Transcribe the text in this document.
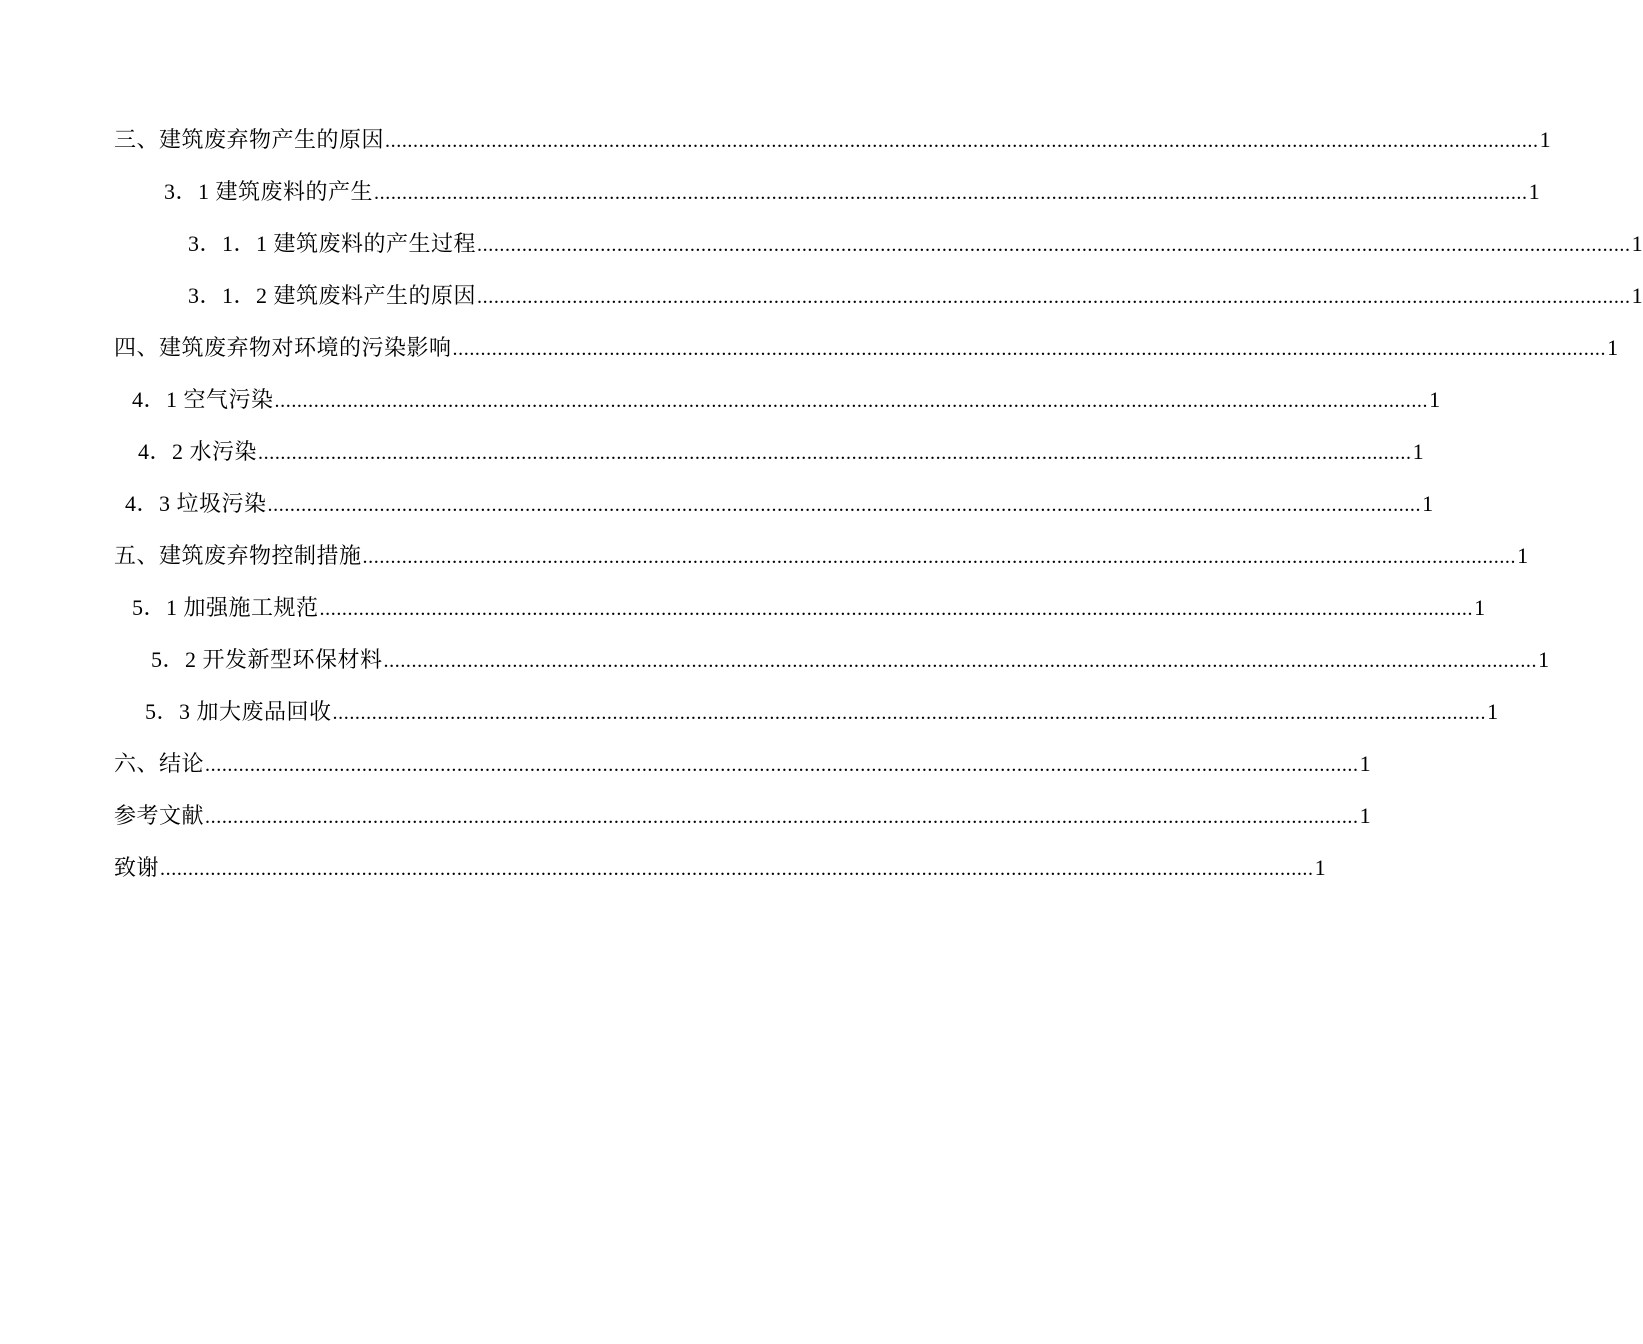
三、建筑废弃物产生的原因 .............................................................................................................................................................................................................. 1
3．1 建筑废料的产生 .............................................................................................................................................................................................................. 1
3．1．1 建筑废料的产生过程 .............................................................................................................................................................................................................. 1
3．1．2 建筑废料产生的原因 .............................................................................................................................................................................................................. 1
四、建筑废弃物对环境的污染影响 .............................................................................................................................................................................................................. 1
4．1 空气污染 .............................................................................................................................................................................................................. 1
4．2 水污染 .............................................................................................................................................................................................................. 1
4．3 垃圾污染 .............................................................................................................................................................................................................. 1
五、建筑废弃物控制措施 .............................................................................................................................................................................................................. 1
5．1 加强施工规范 .............................................................................................................................................................................................................. 1
5．2 开发新型环保材料 .............................................................................................................................................................................................................. 1
5．3 加大废品回收 .............................................................................................................................................................................................................. 1
六、结论 .............................................................................................................................................................................................................. 1
参考文献 .............................................................................................................................................................................................................. 1
致谢 .............................................................................................................................................................................................................. 1
